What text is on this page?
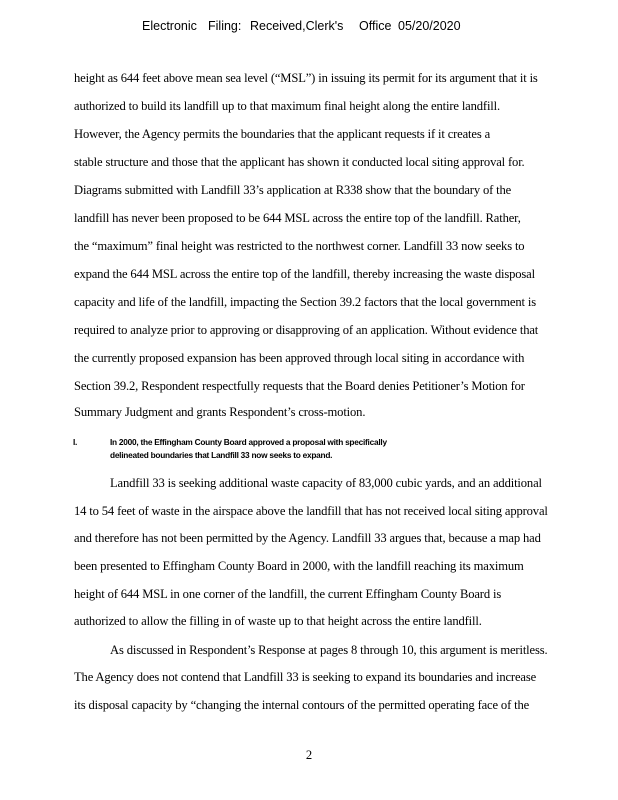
Electronic Filing: Received,Clerk's Office 05/20/2020
height as 644 feet above mean sea level (“MSL”) in issuing its permit for its argument that it is
authorized to build its landfill up to that maximum final height along the entire landfill.
However, the Agency permits the boundaries that the applicant requests if it creates a
stable structure and those that the applicant has shown it conducted local siting approval for.
Diagrams submitted with Landfill 33’s application at R338 show that the boundary of the
landfill has never been proposed to be 644 MSL across the entire top of the landfill. Rather,
the “maximum” final height was restricted to the northwest corner. Landfill 33 now seeks to
expand the 644 MSL across the entire top of the landfill, thereby increasing the waste disposal
capacity and life of the landfill, impacting the Section 39.2 factors that the local government is
required to analyze prior to approving or disapproving of an application. Without evidence that
the currently proposed expansion has been approved through local siting in accordance with
Section 39.2, Respondent respectfully requests that the Board denies Petitioner’s Motion for
Summary Judgment and grants Respondent’s cross-motion.
I.	In 2000, the Effingham County Board approved a proposal with specifically
delineated boundaries that Landfill 33 now seeks to expand.
Landfill 33 is seeking additional waste capacity of 83,000 cubic yards, and an additional
14 to 54 feet of waste in the airspace above the landfill that has not received local siting approval
and therefore has not been permitted by the Agency. Landfill 33 argues that, because a map had
been presented to Effingham County Board in 2000, with the landfill reaching its maximum
height of 644 MSL in one corner of the landfill, the current Effingham County Board is
authorized to allow the filling in of waste up to that height across the entire landfill.
As discussed in Respondent’s Response at pages 8 through 10, this argument is meritless.
The Agency does not contend that Landfill 33 is seeking to expand its boundaries and increase
its disposal capacity by “changing the internal contours of the permitted operating face of the
2
